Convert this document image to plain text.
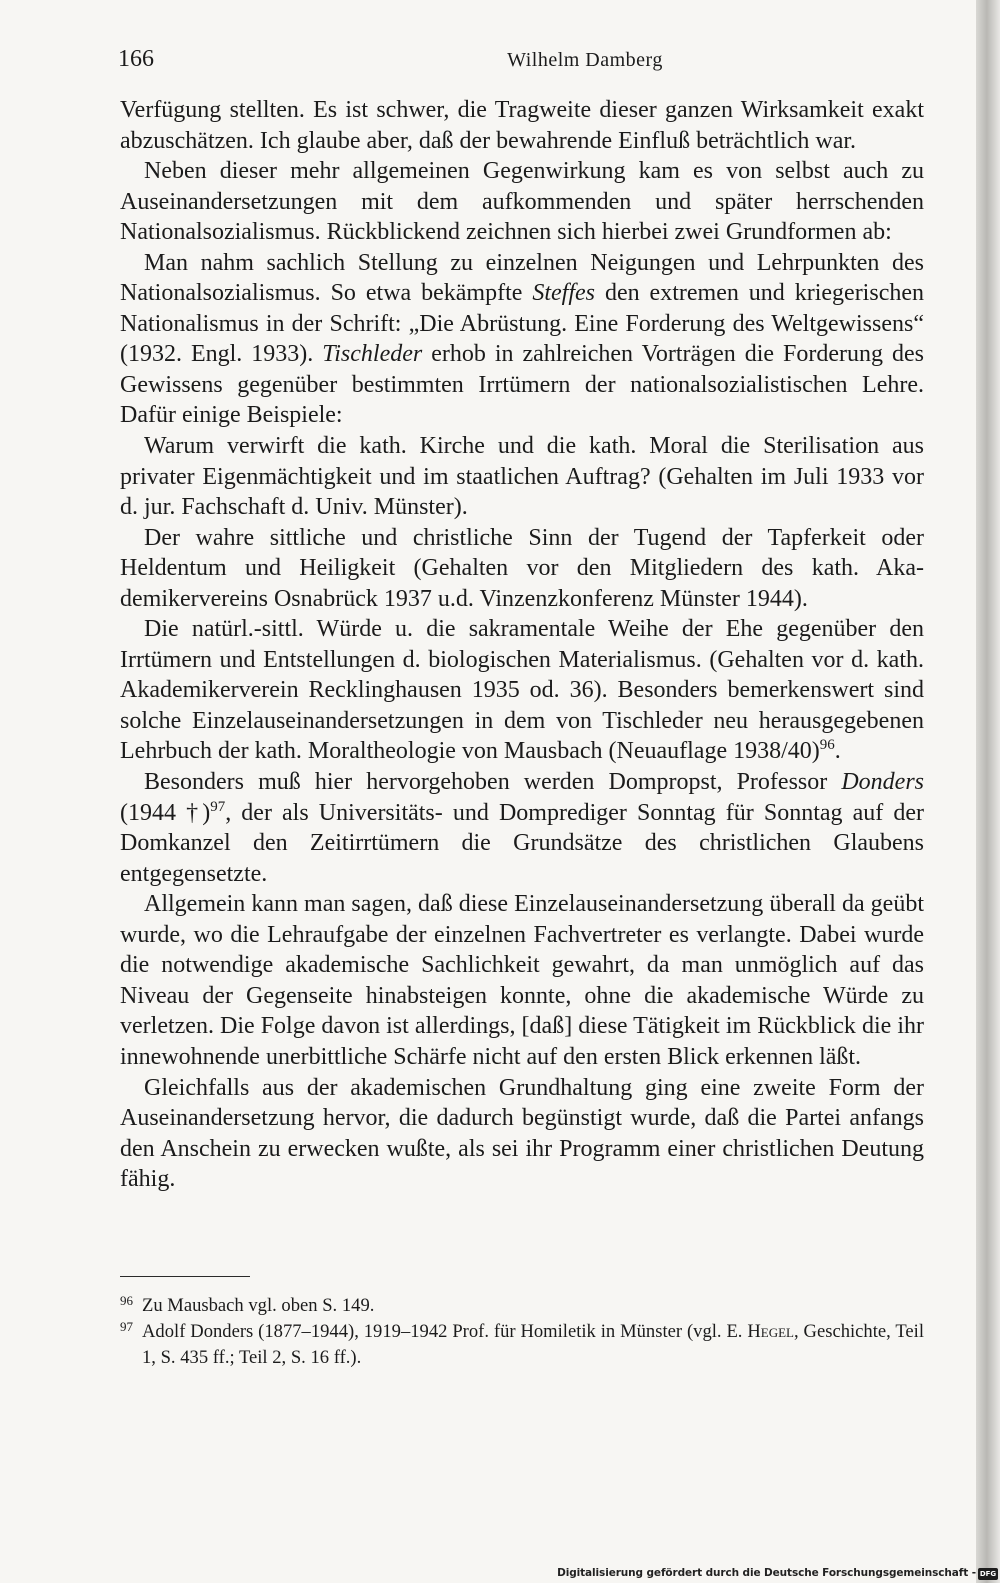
166	Wilhelm Damberg

Verfügung stellten. Es ist schwer, die Tragweite dieser ganzen Wirksamkeit exakt abzuschätzen. Ich glaube aber, daß der bewahrende Einfluß beträchtlich war.

Neben dieser mehr allgemeinen Gegenwirkung kam es von selbst auch zu Auseinandersetzungen mit dem aufkommenden und später herrschenden Nationalsozialismus. Rückblickend zeichnen sich hierbei zwei Grundformen ab:

Man nahm sachlich Stellung zu einzelnen Neigungen und Lehrpunkten des Nationalsozialismus. So etwa bekämpfte Steffes den extremen und kriegerischen Nationalismus in der Schrift: „Die Abrüstung. Eine Forderung des Weltgewissens“ (1932. Engl. 1933). Tischleder erhob in zahlreichen Vorträgen die Forderung des Gewissens gegenüber bestimmten Irrtümern der nationalsozialistischen Lehre. Dafür einige Beispiele:

Warum verwirft die kath. Kirche und die kath. Moral die Sterilisation aus privater Eigenmächtigkeit und im staatlichen Auftrag? (Gehalten im Juli 1933 vor d. jur. Fachschaft d. Univ. Münster).

Der wahre sittliche und christliche Sinn der Tugend der Tapferkeit oder Heldentum und Heiligkeit (Gehalten vor den Mitgliedern des kath. Akademikervereins Osnabrück 1937 u.d. Vinzenzkonferenz Münster 1944).

Die natürl.-sittl. Würde u. die sakramentale Weihe der Ehe gegenüber den Irrtümern und Entstellungen d. biologischen Materialismus. (Gehalten vor d. kath. Akademikerverein Recklinghausen 1935 od. 36). Besonders bemerkenswert sind solche Einzelauseinandersetzungen in dem von Tischleder neu herausgegebenen Lehrbuch der kath. Moraltheologie von Mausbach (Neuauflage 1938/40)$^{96}$.

Besonders muß hier hervorgehoben werden Dompropst, Professor Donders (1944 †)$^{97}$, der als Universitäts- und Domprediger Sonntag für Sonntag auf der Domkanzel den Zeitirrtümern die Grundsätze des christlichen Glaubens entgegensetzte.

Allgemein kann man sagen, daß diese Einzelauseinandersetzung überall da geübt wurde, wo die Lehraufgabe der einzelnen Fachvertreter es verlangte. Dabei wurde die notwendige akademische Sachlichkeit gewahrt, da man unmöglich auf das Niveau der Gegenseite hinabsteigen konnte, ohne die akademische Würde zu verletzen. Die Folge davon ist allerdings, [daß] diese Tätigkeit im Rückblick die ihr innewohnende unerbittliche Schärfe nicht auf den ersten Blick erkennen läßt.

Gleichfalls aus der akademischen Grundhaltung ging eine zweite Form der Auseinandersetzung hervor, die dadurch begünstigt wurde, daß die Partei anfangs den Anschein zu erwecken wußte, als sei ihr Programm einer christlichen Deutung fähig.

96 Zu Mausbach vgl. oben S. 149.

97 Adolf Donders (1877–1944), 1919–1942 Prof. für Homiletik in Münster (vgl. E. Hegel, Geschichte, Teil 1, S. 435 ff.; Teil 2, S. 16 ff.).

Digitalisierung gefördert durch die Deutsche Forschungsgemeinschaft - DFG
